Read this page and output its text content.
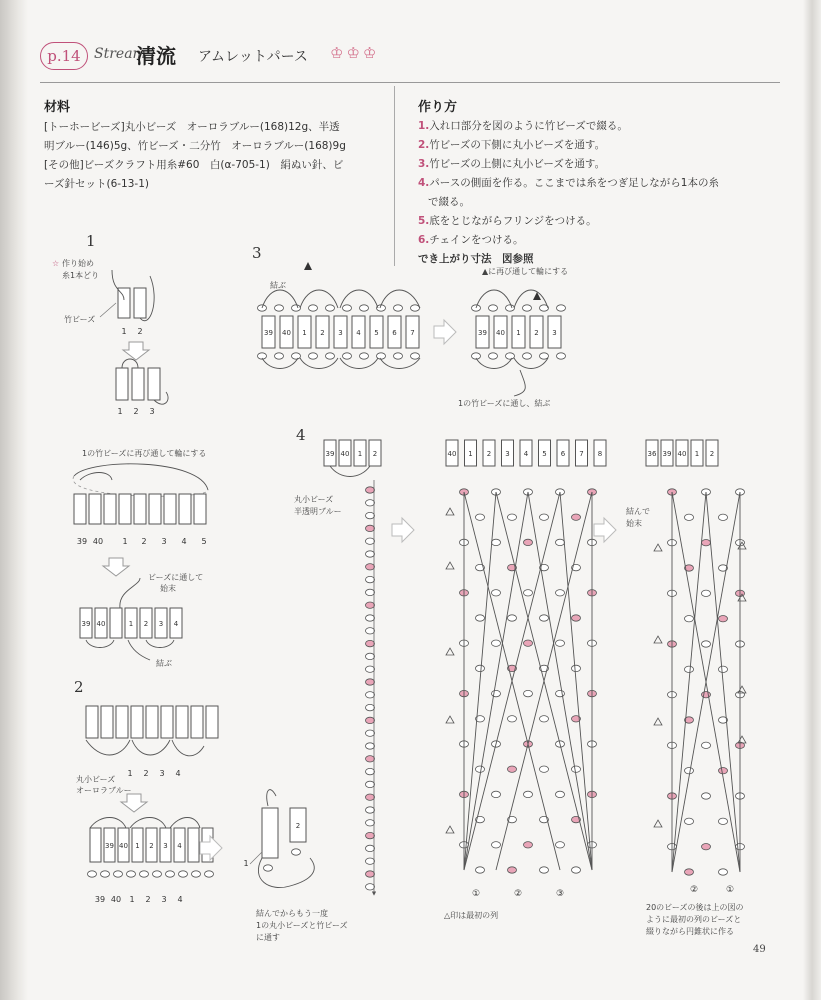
p.14 Stream
清流 アムレットパース ♔♔♔
材料
[トーホービーズ]丸小ビーズ　オーロラブルー(168)12g、半透
明ブルー(146)5g、竹ビーズ・二分竹　オーロラブルー(168)9g
[その他]ビーズクラフト用糸#60　白(α-705-1)　絹ぬい針、ビ
ーズ針セット(6-13-1)
作り方
1.入れ口部分を図のように竹ビーズで綴る。
2.竹ビーズの下側に丸小ビーズを通す。
3.竹ビーズの上側に丸小ビーズを通す。
4.パースの側面を作る。ここまでは糸をつぎ足しながら1本の糸
で綴る。
5.底をとじながらフリンジをつける。
6.チェインをつける。
でき上がり寸法　図参照
1 2
1 2 3
39 40 1 2 3 4 5
39 40	1 2 3 4
1 2 3 4
39 40 1 2 3 4
39 40 1 2 3 4
39 40 1 2 3 4 5 6 7	39 40 1 2 3
39 40 1 2	40 1 2 3 4 5 6 7 8
①	②	③
36 39 40 1 2
②	①
2
1
1
3
4
2
☆ 作り始め
糸1本どり
竹ビーズ
1の竹ビーズに再び通して輪にする
ビーズに通して
始末
結ぶ
丸小ビーズ
オーロラブルー
結ぶ
▲に再び通して輪にする
1の竹ビーズに通し、結ぶ
丸小ビーズ
半透明ブルー	結んで
始末
△印は最初の列
20のビーズの後は上の図の
ように最初の列のビーズと
綴りながら円錐状に作る
結んでからもう一度
1の丸小ビーズと竹ビーズ
に通す
49
